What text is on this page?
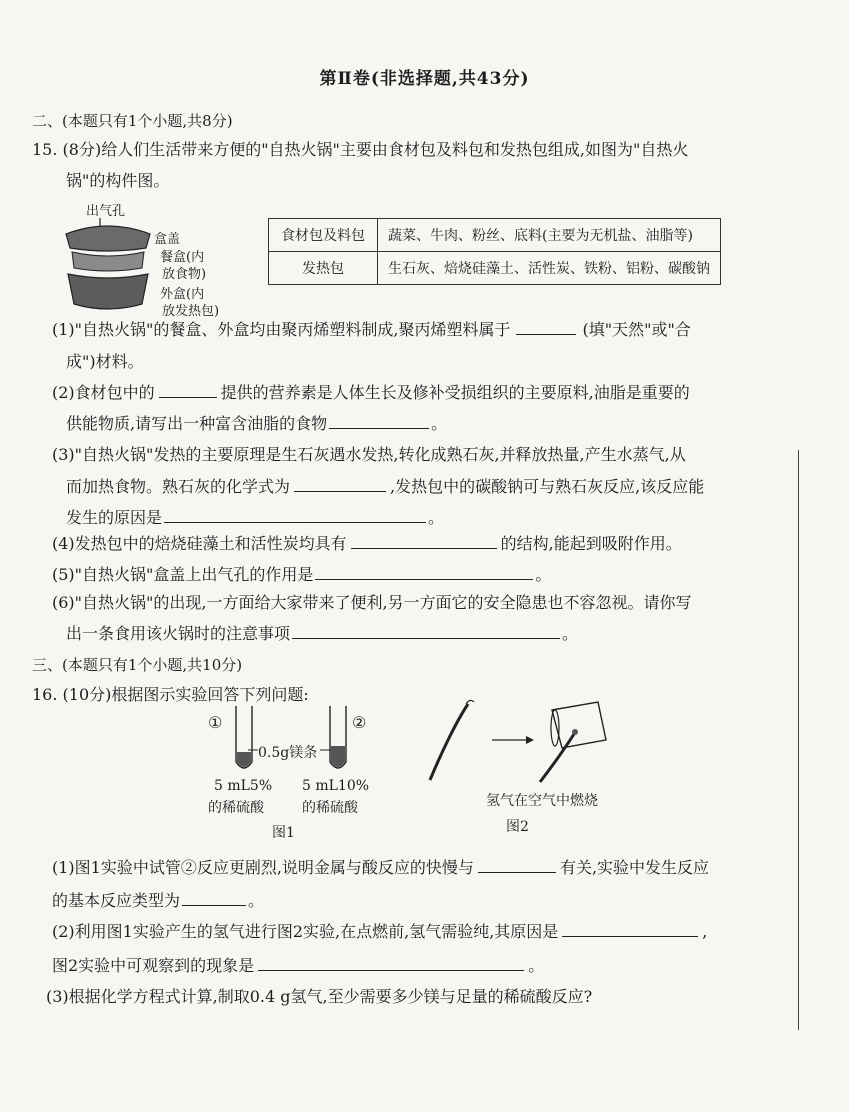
第Ⅱ卷(非选择题,共43分)
二、(本题只有1个小题,共8分)
15. (8分)给人们生活带来方便的"自热火锅"主要由食材包及料包和发热包组成,如图为"自热火
锅"的构件图。
出气孔
盒盖
餐盒(内
放食物)
外盒(内
放发热包)
食材包及料包	蔬菜、牛肉、粉丝、底料(主要为无机盐、油脂等)
发热包	生石灰、焙烧硅藻土、活性炭、铁粉、铝粉、碳酸钠
(1)"自热火锅"的餐盒、外盒均由聚丙烯塑料制成,聚丙烯塑料属于	(填"天然"或"合
成")材料。
(2)食材包中的	提供的营养素是人体生长及修补受损组织的主要原料,油脂是重要的
供能物质,请写出一种富含油脂的食物	。
(3)"自热火锅"发热的主要原理是生石灰遇水发热,转化成熟石灰,并释放热量,产生水蒸气,从
而加热食物。熟石灰的化学式为	,发热包中的碳酸钠可与熟石灰反应,该反应能
发生的原因是	。
(4)发热包中的焙烧硅藻土和活性炭均具有	的结构,能起到吸附作用。
(5)"自热火锅"盒盖上出气孔的作用是	。
(6)"自热火锅"的出现,一方面给大家带来了便利,另一方面它的安全隐患也不容忽视。请你写
出一条食用该火锅时的注意事项	。
三、(本题只有1个小题,共10分)
16. (10分)根据图示实验回答下列问题:
①
0.5g镁条
②
5 mL5%
的稀硫酸
5 mL10%
的稀硫酸
图1
氢气在空气中燃烧
图2
(1)图1实验中试管②反应更剧烈,说明金属与酸反应的快慢与	有关,实验中发生反应
的基本反应类型为	。
(2)利用图1实验产生的氢气进行图2实验,在点燃前,氢气需验纯,其原因是	,
图2实验中可观察到的现象是	。
(3)根据化学方程式计算,制取0.4 g氢气,至少需要多少镁与足量的稀硫酸反应?
